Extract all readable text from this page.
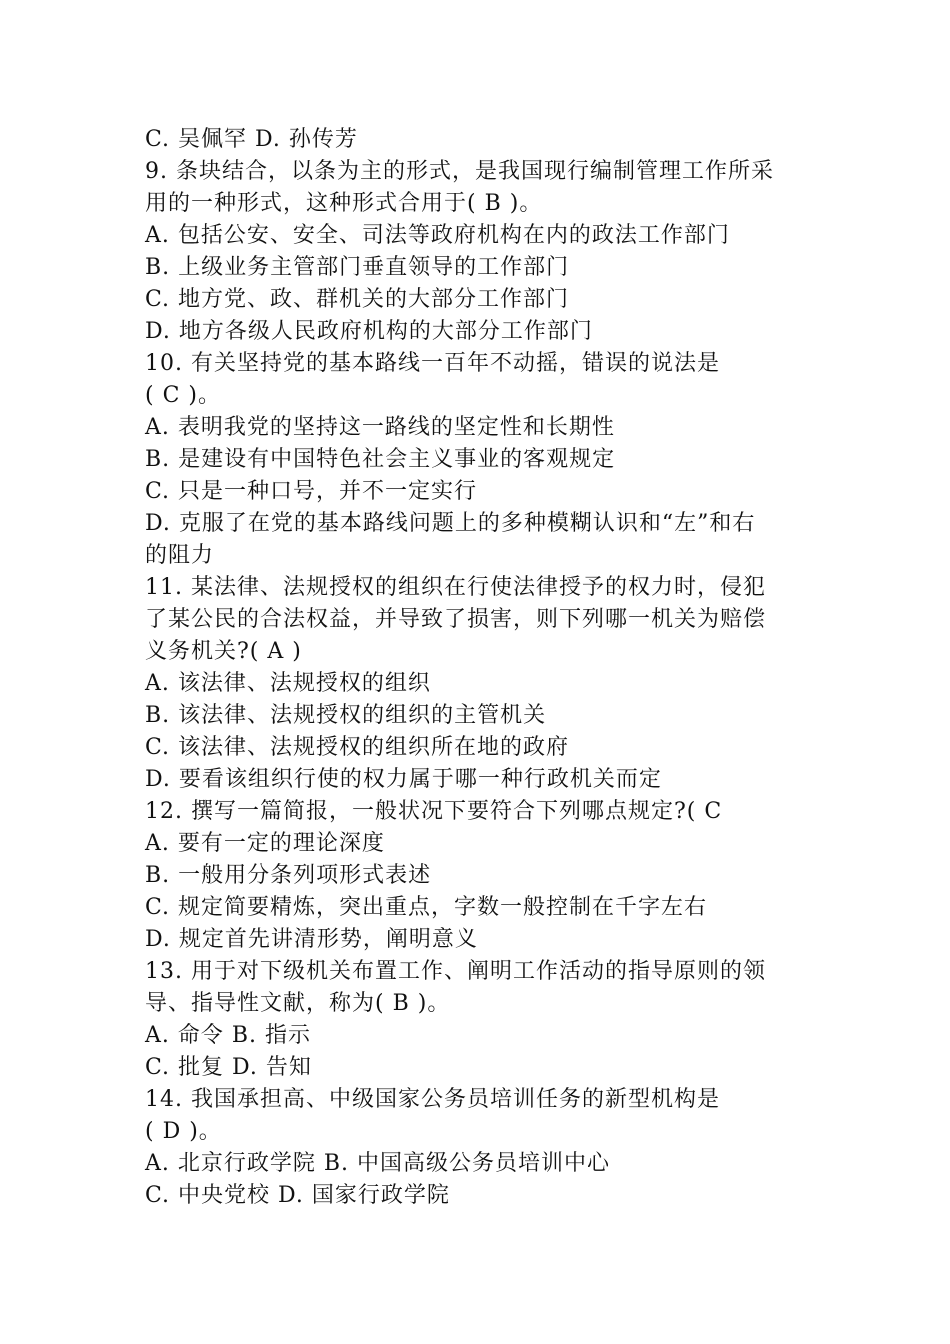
C. 吴佩罕 D. 孙传芳
9. 条块结合，以条为主的形式，是我国现行编制管理工作所采
用的一种形式，这种形式合用于( B )。
A. 包括公安、安全、司法等政府机构在内的政法工作部门
B. 上级业务主管部门垂直领导的工作部门
C. 地方党、政、群机关的大部分工作部门
D. 地方各级人民政府机构的大部分工作部门
10. 有关坚持党的基本路线一百年不动摇，错误的说法是
( C )。
A. 表明我党的坚持这一路线的坚定性和长期性
B. 是建设有中国特色社会主义事业的客观规定
C. 只是一种口号，并不一定实行
D. 克服了在党的基本路线问题上的多种模糊认识和“左”和右
的阻力
11. 某法律、法规授权的组织在行使法律授予的权力时，侵犯
了某公民的合法权益，并导致了损害，则下列哪一机关为赔偿
义务机关?( A )
A. 该法律、法规授权的组织
B. 该法律、法规授权的组织的主管机关
C. 该法律、法规授权的组织所在地的政府
D. 要看该组织行使的权力属于哪一种行政机关而定
12. 撰写一篇简报，一般状况下要符合下列哪点规定?( C
A. 要有一定的理论深度
B. 一般用分条列项形式表述
C. 规定简要精炼，突出重点，字数一般控制在千字左右
D. 规定首先讲清形势，阐明意义
13. 用于对下级机关布置工作、阐明工作活动的指导原则的领
导、指导性文献，称为( B )。
A. 命令 B. 指示
C. 批复 D. 告知
14. 我国承担高、中级国家公务员培训任务的新型机构是
( D )。
A. 北京行政学院 B. 中国高级公务员培训中心
C. 中央党校 D. 国家行政学院
